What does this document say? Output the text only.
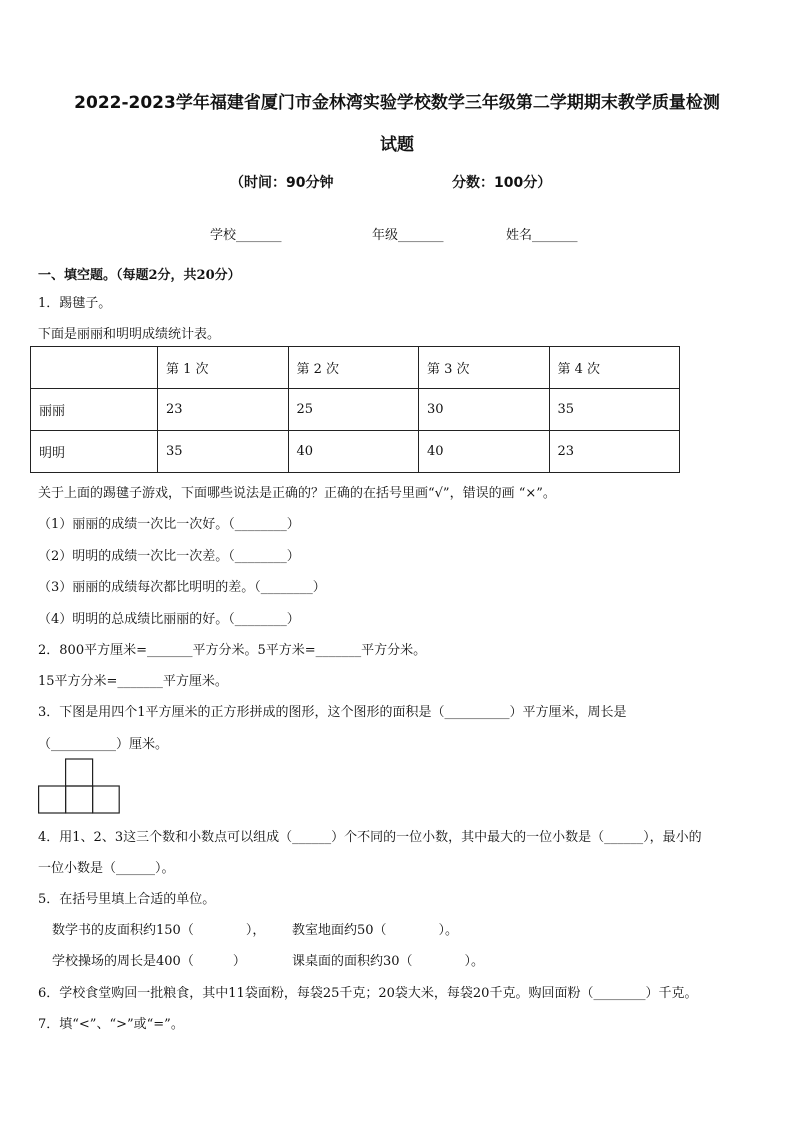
2022-2023学年福建省厦门市金林湾实验学校数学三年级第二学期期末教学质量检测
试题
（时间：90分钟	分数：100分）
学校_______	年级_______	姓名_______
一、填空题。（每题2分，共20分）
1．踢毽子。
下面是丽丽和明明成绩统计表。
	第 1 次	第 2 次	第 3 次	第 4 次
丽丽	23	25	30	35
明明	35	40	40	23
关于上面的踢毽子游戏，下面哪些说法是正确的？正确的在括号里画“√”，错误的画 “×”。
（1）丽丽的成绩一次比一次好。（________）
（2）明明的成绩一次比一次差。（________）
（3）丽丽的成绩每次都比明明的差。（________）
（4）明明的总成绩比丽丽的好。（________）
2．800平方厘米=_______平方分米。5平方米=_______平方分米。
15平方分米=_______平方厘米。
3．下图是用四个1平方厘米的正方形拼成的图形，这个图形的面积是（__________）平方厘米，周长是
（__________）厘米。
4．用1、2、3这三个数和小数点可以组成（______）个不同的一位小数，其中最大的一位小数是（______），最小的
一位小数是（______）。
5．在括号里填上合适的单位。
数学书的皮面积约150（　　　　）， 教室地面约50（　　　　）。
学校操场的周长是400（　　　）	课桌面的面积约30（　　　　）。
6．学校食堂购回一批粮食，其中11袋面粉，每袋25千克；20袋大米，每袋20千克。购回面粉（________）千克。
7．填“<”、“>”或“=”。
